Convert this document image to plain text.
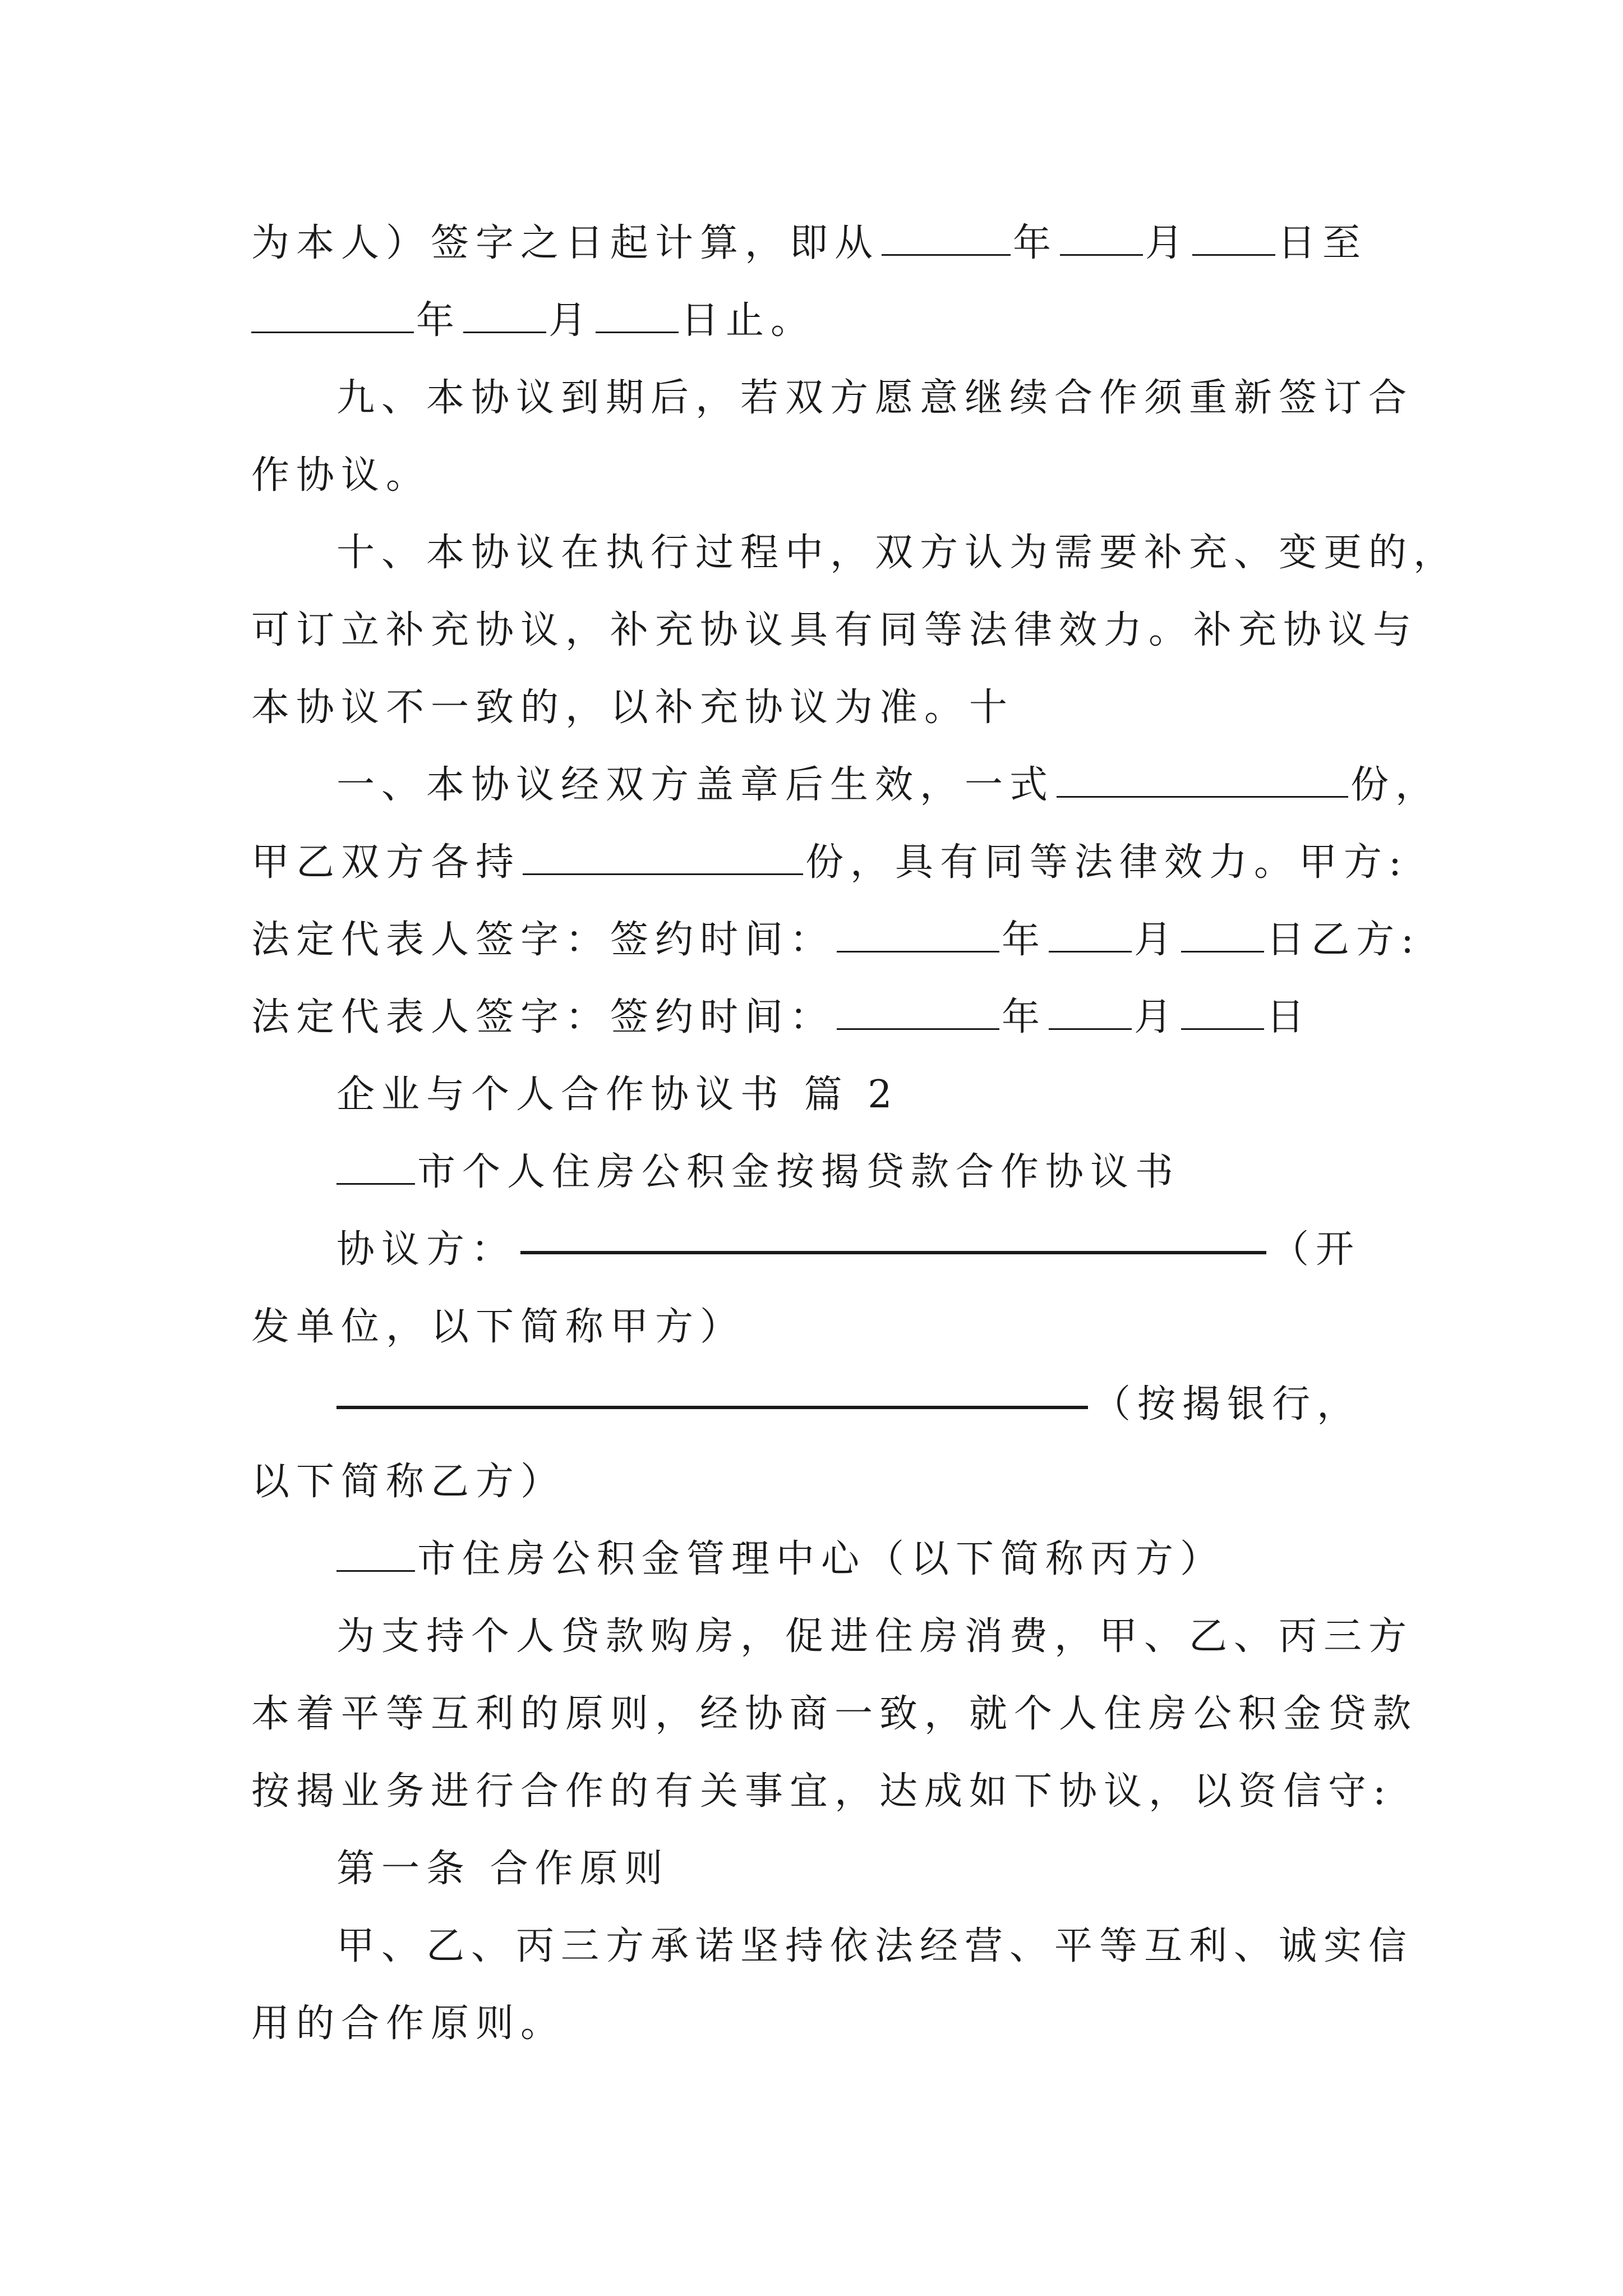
为本人）签字之日起计算，即从	年 月 日至
年 月 日止。
九、本协议到期后，若双方愿意继续合作须重新签订合
作协议。
十、本协议在执行过程中，双方认为需要补充、变更的，
可订立补充协议，补充协议具有同等法律效力。补充协议与
本协议不一致的，以补充协议为准。十
一、本协议经双方盖章后生效，一式	份，
甲乙双方各持	份，具有同等法律效力。甲方:
法定代表人签字：签约时间：	年 月 日乙方:
法定代表人签字：签约时间：	年 月 日
企业与个人合作协议书 篇 2
市个人住房公积金按揭贷款合作协议书
协议方：	（开
发单位，以下简称甲方）
（按揭银行，
以下简称乙方）
市住房公积金管理中心（以下简称丙方）
为支持个人贷款购房，促进住房消费，甲、乙、丙三方
本着平等互利的原则，经协商一致，就个人住房公积金贷款
按揭业务进行合作的有关事宜，达成如下协议，以资信守:
第一条 合作原则
甲、乙、丙三方承诺坚持依法经营、平等互利、诚实信
用的合作原则。
